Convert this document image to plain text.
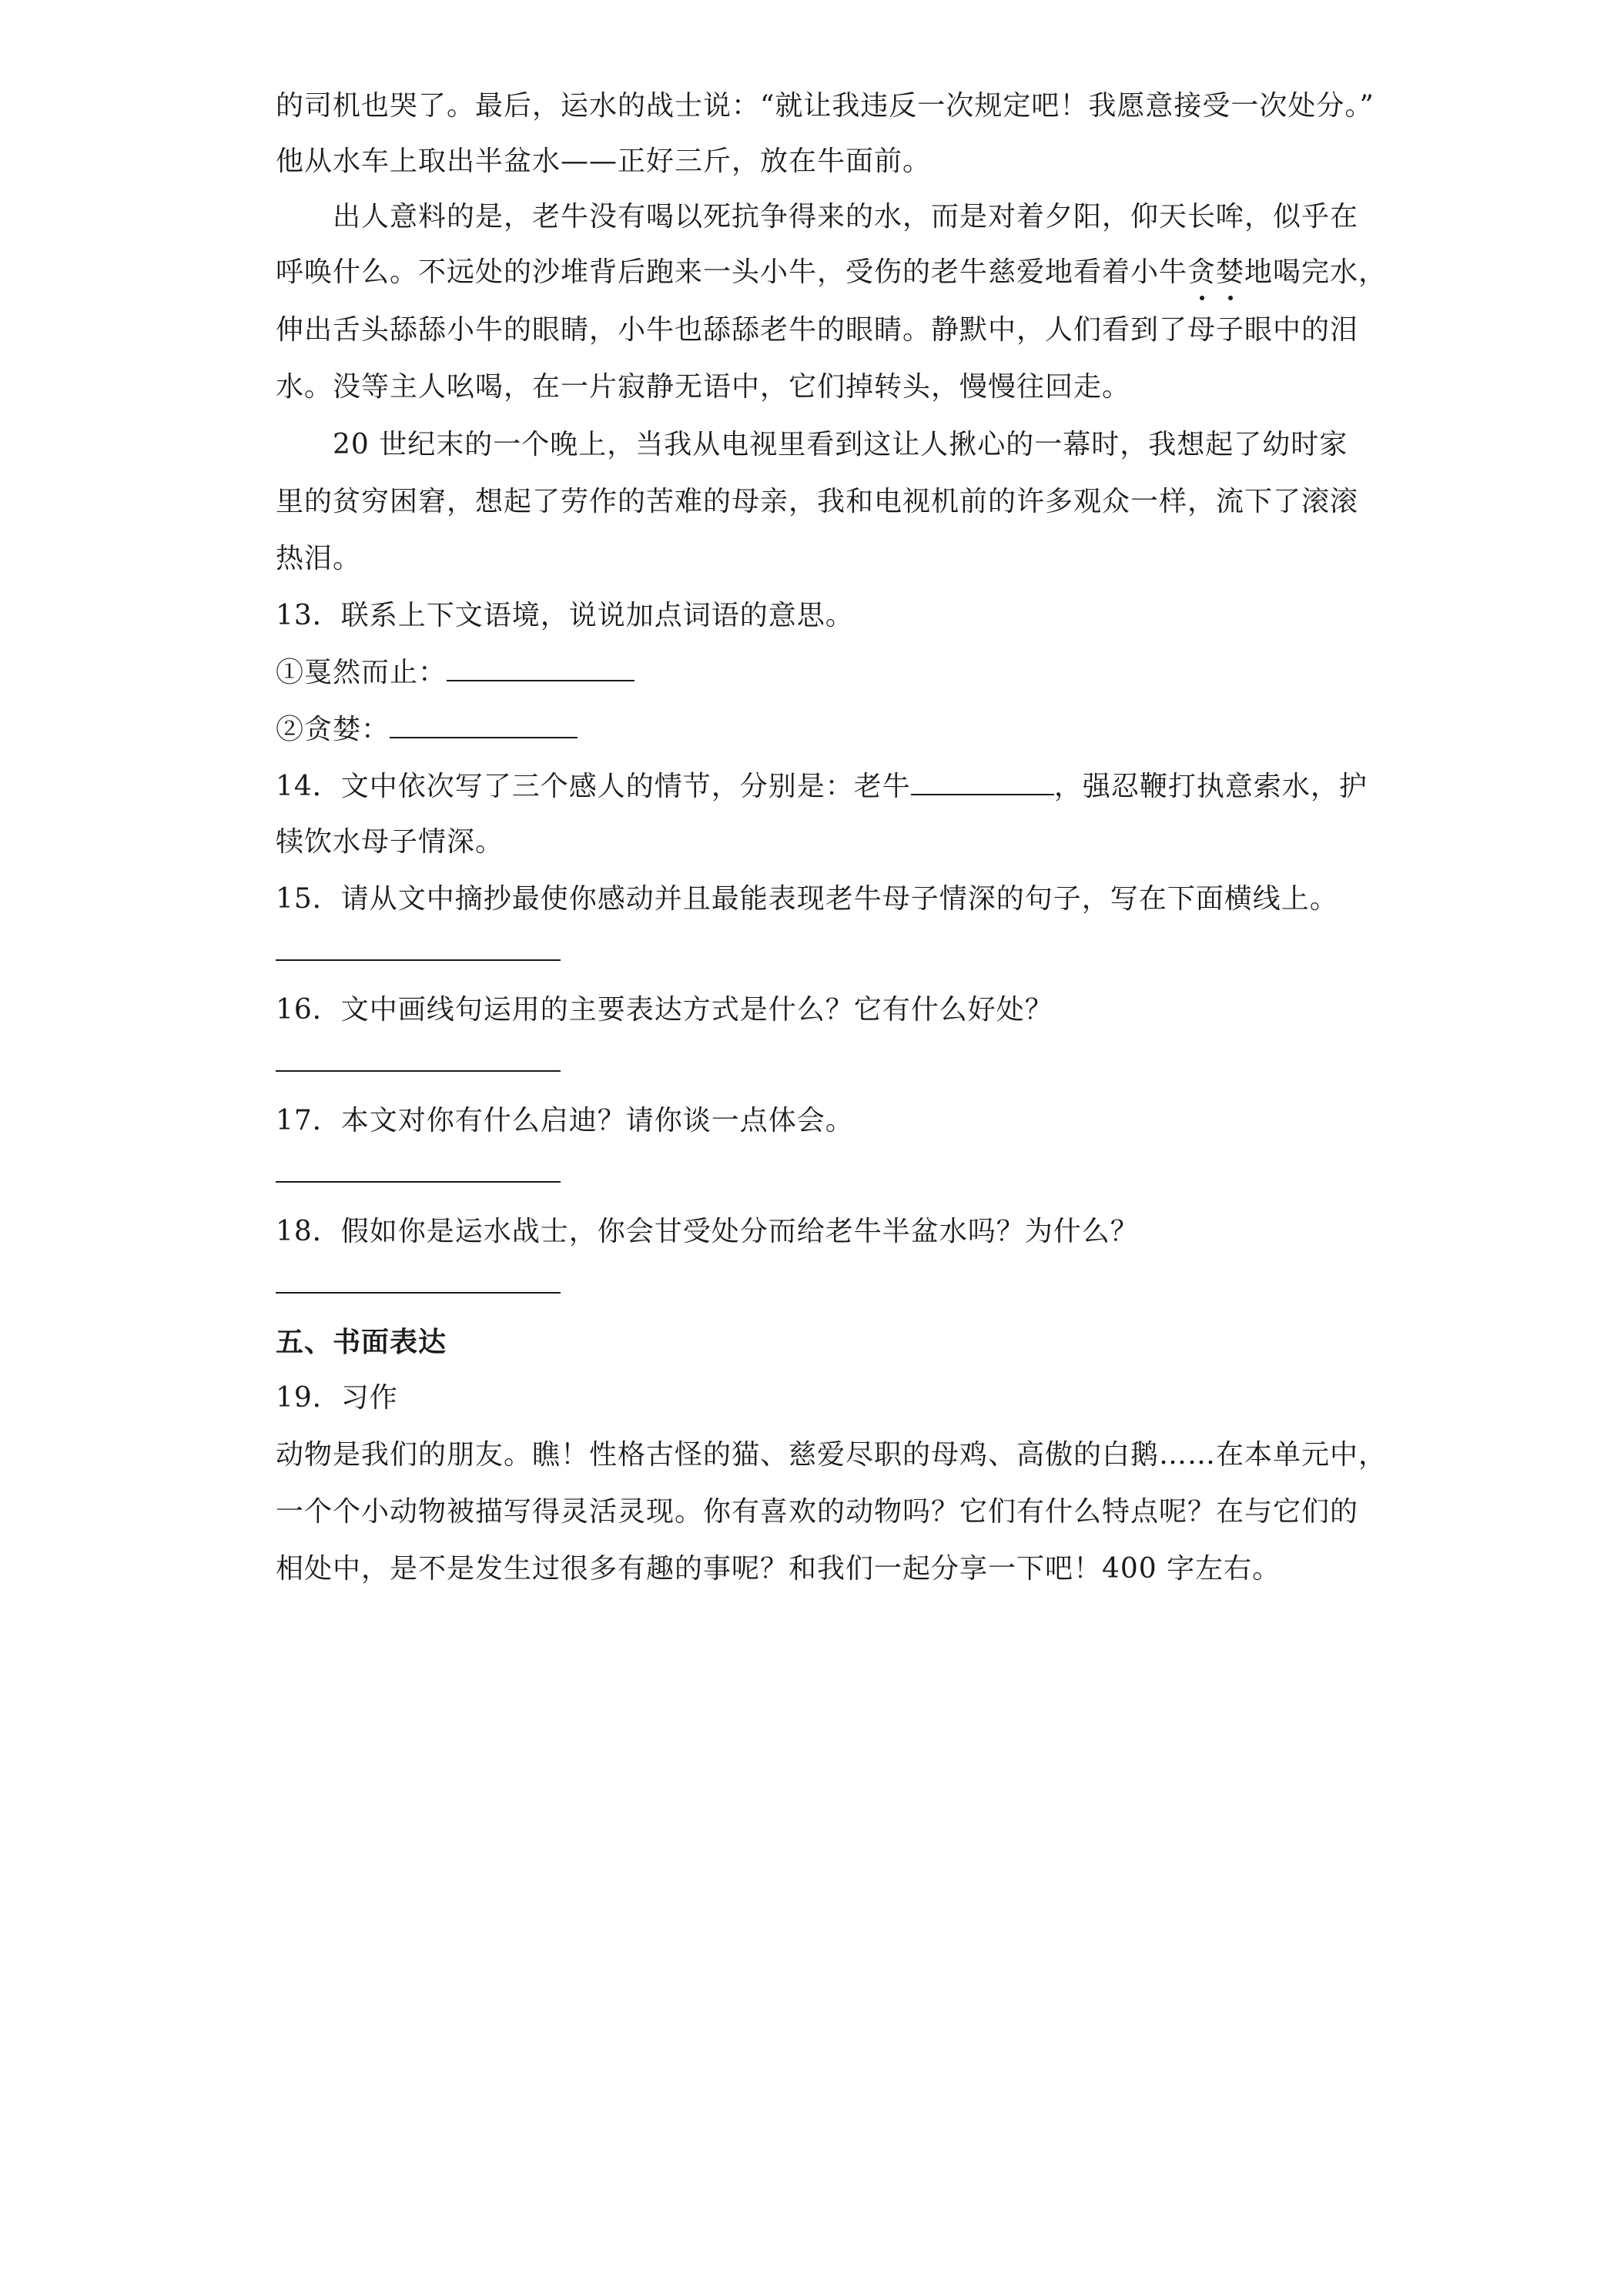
的司机也哭了。最后，运水的战士说：“就让我违反一次规定吧！我愿意接受一次处分。”
他从水车上取出半盆水——正好三斤，放在牛面前。
出人意料的是，老牛没有喝以死抗争得来的水，而是对着夕阳，仰天长哞，似乎在
呼唤什么。不远处的沙堆背后跑来一头小牛，受伤的老牛慈爱地看着小牛贪婪地喝完水，
伸出舌头舔舔小牛的眼睛，小牛也舔舔老牛的眼睛。静默中，人们看到了母子眼中的泪
水。没等主人吆喝，在一片寂静无语中，它们掉转头，慢慢往回走。
20 世纪末的一个晚上，当我从电视里看到这让人揪心的一幕时，我想起了幼时家
里的贫穷困窘，想起了劳作的苦难的母亲，我和电视机前的许多观众一样，流下了滚滚
热泪。
13．联系上下文语境，说说加点词语的意思。
①戛然而止：
②贪婪：
14．文中依次写了三个感人的情节，分别是：老牛	，强忍鞭打执意索水，护
犊饮水母子情深。
15．请从文中摘抄最使你感动并且最能表现老牛母子情深的句子，写在下面横线上。
16．文中画线句运用的主要表达方式是什么？它有什么好处？
17．本文对你有什么启迪？请你谈一点体会。
18．假如你是运水战士，你会甘受处分而给老牛半盆水吗？为什么？
五、书面表达
19．习作
动物是我们的朋友。瞧！性格古怪的猫、慈爱尽职的母鸡、高傲的白鹅……在本单元中，
一个个小动物被描写得灵活灵现。你有喜欢的动物吗？它们有什么特点呢？在与它们的
相处中，是不是发生过很多有趣的事呢？和我们一起分享一下吧！400 字左右。
